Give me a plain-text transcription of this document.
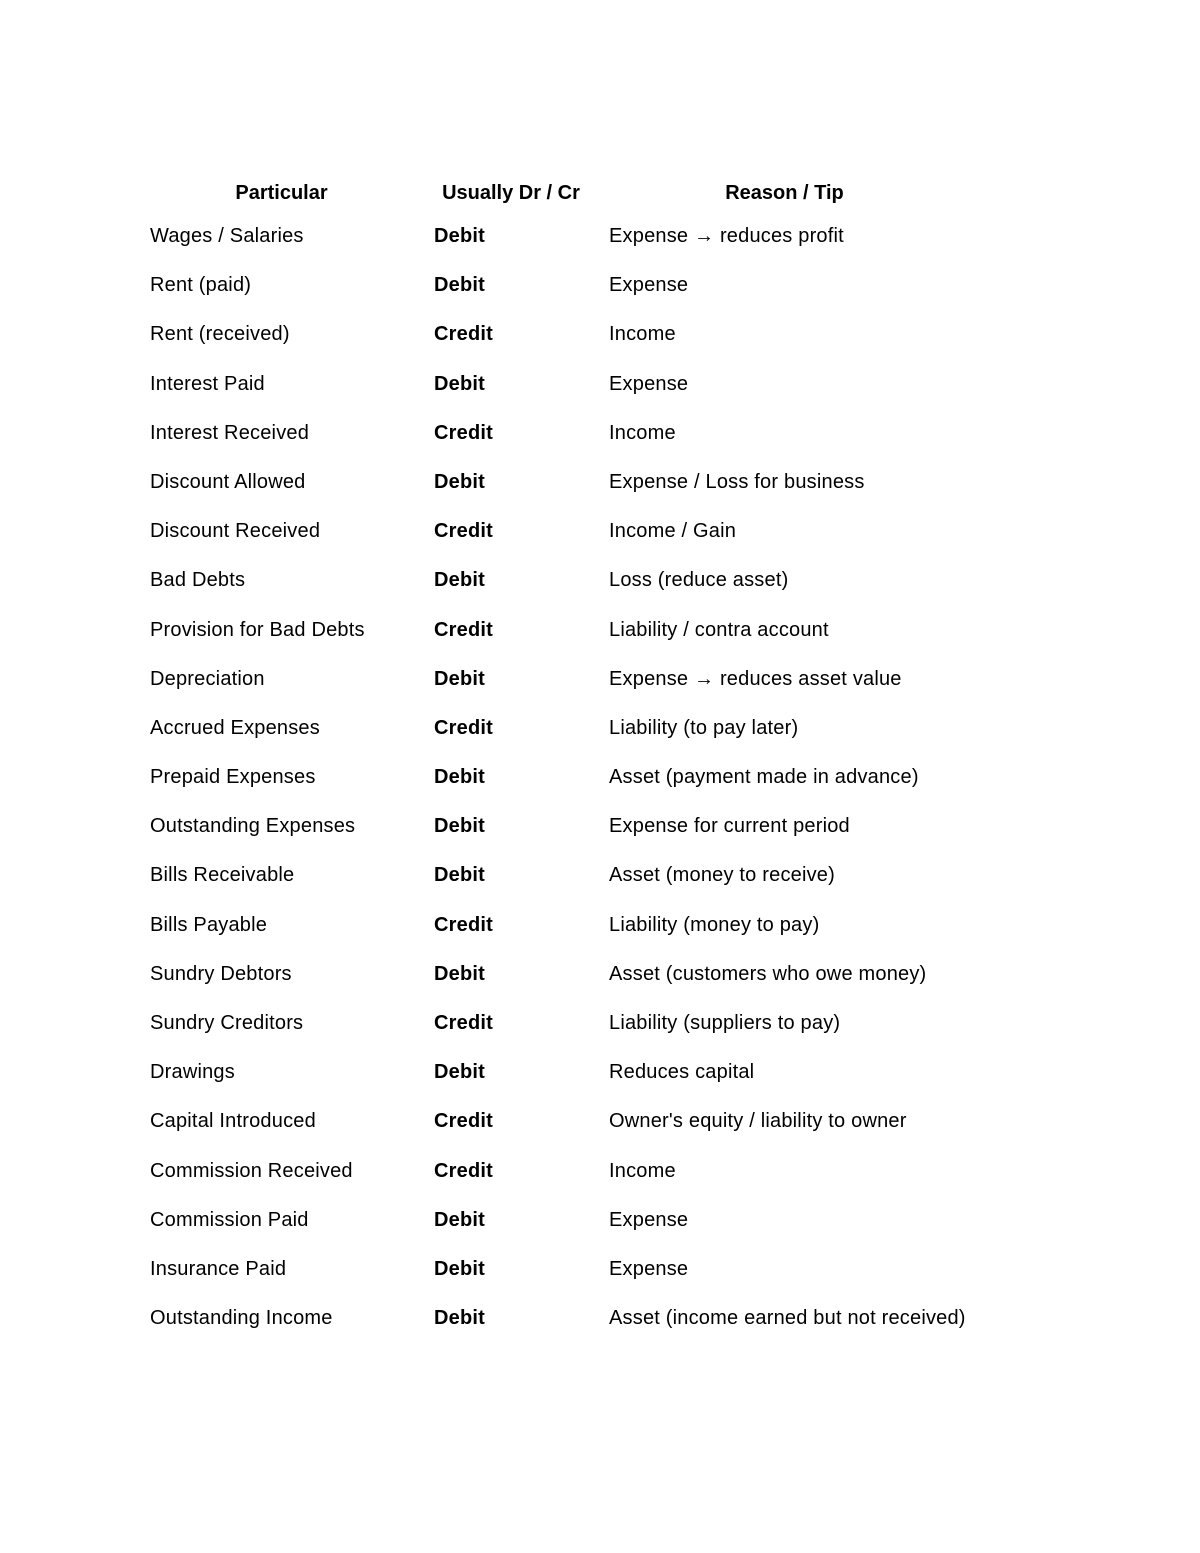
Particular	Usually Dr / Cr	Reason / Tip
Wages / Salaries	Debit	Expense → reduces profit
Rent (paid)	Debit	Expense
Rent (received)	Credit	Income
Interest Paid	Debit	Expense
Interest Received	Credit	Income
Discount Allowed	Debit	Expense / Loss for business
Discount Received	Credit	Income / Gain
Bad Debts	Debit	Loss (reduce asset)
Provision for Bad Debts	Credit	Liability / contra account
Depreciation	Debit	Expense → reduces asset value
Accrued Expenses	Credit	Liability (to pay later)
Prepaid Expenses	Debit	Asset (payment made in advance)
Outstanding Expenses	Debit	Expense for current period
Bills Receivable	Debit	Asset (money to receive)
Bills Payable	Credit	Liability (money to pay)
Sundry Debtors	Debit	Asset (customers who owe money)
Sundry Creditors	Credit	Liability (suppliers to pay)
Drawings	Debit	Reduces capital
Capital Introduced	Credit	Owner's equity / liability to owner
Commission Received	Credit	Income
Commission Paid	Debit	Expense
Insurance Paid	Debit	Expense
Outstanding Income	Debit	Asset (income earned but not received)
